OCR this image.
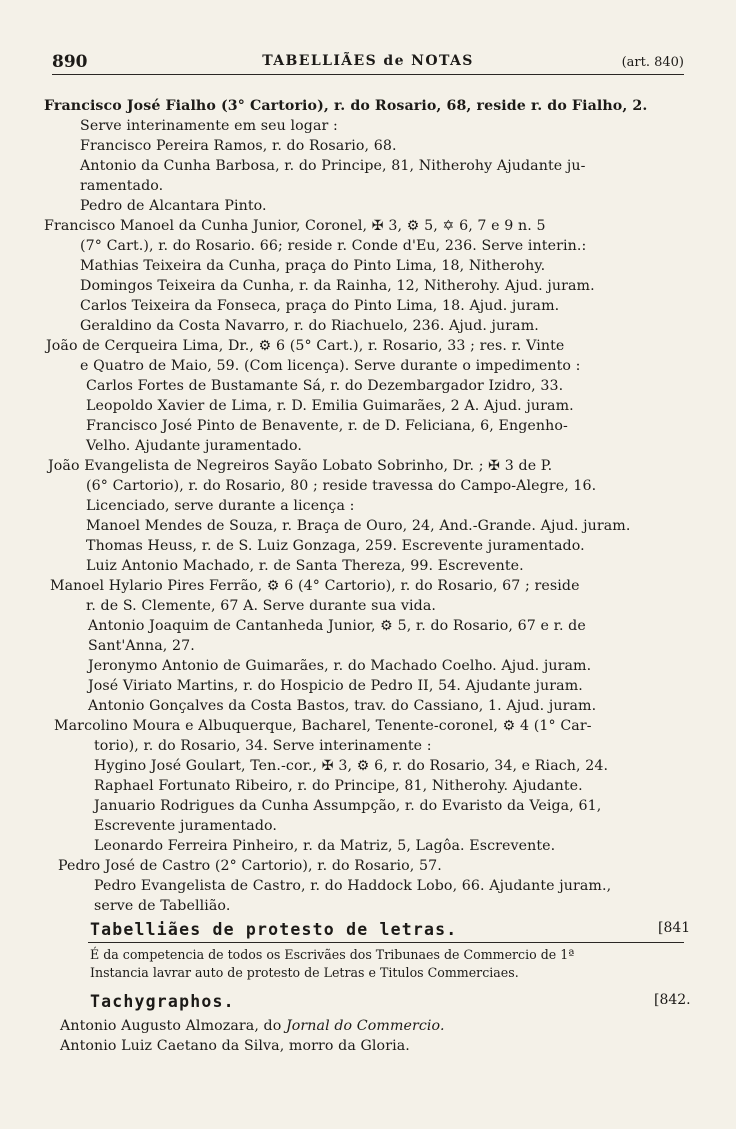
890	TABELLIÃES de NOTAS	(art. 840)
Francisco José Fialho (3° Cartorio), r. do Rosario, 68, reside r. do Fialho, 2.
Serve interinamente em seu logar :
Francisco Pereira Ramos, r. do Rosario, 68.
Antonio da Cunha Barbosa, r. do Principe, 81, Nitherohy Ajudante ju-
ramentado.
Pedro de Alcantara Pinto.
Francisco Manoel da Cunha Junior, Coronel, ✠ 3, ⚙ 5, ✡ 6, 7 e 9 n. 5
(7° Cart.), r. do Rosario. 66; reside r. Conde d'Eu, 236. Serve interin.:
Mathias Teixeira da Cunha, praça do Pinto Lima, 18, Nitherohy.
Domingos Teixeira da Cunha, r. da Rainha, 12, Nitherohy. Ajud. juram.
Carlos Teixeira da Fonseca, praça do Pinto Lima, 18. Ajud. juram.
Geraldino da Costa Navarro, r. do Riachuelo, 236. Ajud. juram.
João de Cerqueira Lima, Dr., ⚙ 6 (5° Cart.), r. Rosario, 33 ; res. r. Vinte
e Quatro de Maio, 59. (Com licença). Serve durante o impedimento :
Carlos Fortes de Bustamante Sá, r. do Dezembargador Izidro, 33.
Leopoldo Xavier de Lima, r. D. Emilia Guimarães, 2 A. Ajud. juram.
Francisco José Pinto de Benavente, r. de D. Feliciana, 6, Engenho-
Velho. Ajudante juramentado.
João Evangelista de Negreiros Sayão Lobato Sobrinho, Dr. ; ✠ 3 de P.
(6° Cartorio), r. do Rosario, 80 ; reside travessa do Campo-Alegre, 16.
Licenciado, serve durante a licença :
Manoel Mendes de Souza, r. Braça de Ouro, 24, And.-Grande. Ajud. juram.
Thomas Heuss, r. de S. Luiz Gonzaga, 259. Escrevente juramentado.
Luiz Antonio Machado, r. de Santa Thereza, 99. Escrevente.
Manoel Hylario Pires Ferrão, ⚙ 6 (4° Cartorio), r. do Rosario, 67 ; reside
r. de S. Clemente, 67 A. Serve durante sua vida.
Antonio Joaquim de Cantanheda Junior, ⚙ 5, r. do Rosario, 67 e r. de
Sant'Anna, 27.
Jeronymo Antonio de Guimarães, r. do Machado Coelho. Ajud. juram.
José Viriato Martins, r. do Hospicio de Pedro II, 54. Ajudante juram.
Antonio Gonçalves da Costa Bastos, trav. do Cassiano, 1. Ajud. juram.
Marcolino Moura e Albuquerque, Bacharel, Tenente-coronel, ⚙ 4 (1° Car-
torio), r. do Rosario, 34. Serve interinamente :
Hygino José Goulart, Ten.-cor., ✠ 3, ⚙ 6, r. do Rosario, 34, e Riach, 24.
Raphael Fortunato Ribeiro, r. do Principe, 81, Nitherohy. Ajudante.
Januario Rodrigues da Cunha Assumpção, r. do Evaristo da Veiga, 61,
Escrevente juramentado.
Leonardo Ferreira Pinheiro, r. da Matriz, 5, Lagôa. Escrevente.
Pedro José de Castro (2° Cartorio), r. do Rosario, 57.
Pedro Evangelista de Castro, r. do Haddock Lobo, 66. Ajudante juram.,
serve de Tabellião.
Tabelliães de protesto de letras.	[841
É da competencia de todos os Escrivães dos Tribunaes de Commercio de 1ª
Instancia lavrar auto de protesto de Letras e Titulos Commerciaes.
Tachygraphos.	[842.
Antonio Augusto Almozara, do Jornal do Commercio.
Antonio Luiz Caetano da Silva, morro da Gloria.
